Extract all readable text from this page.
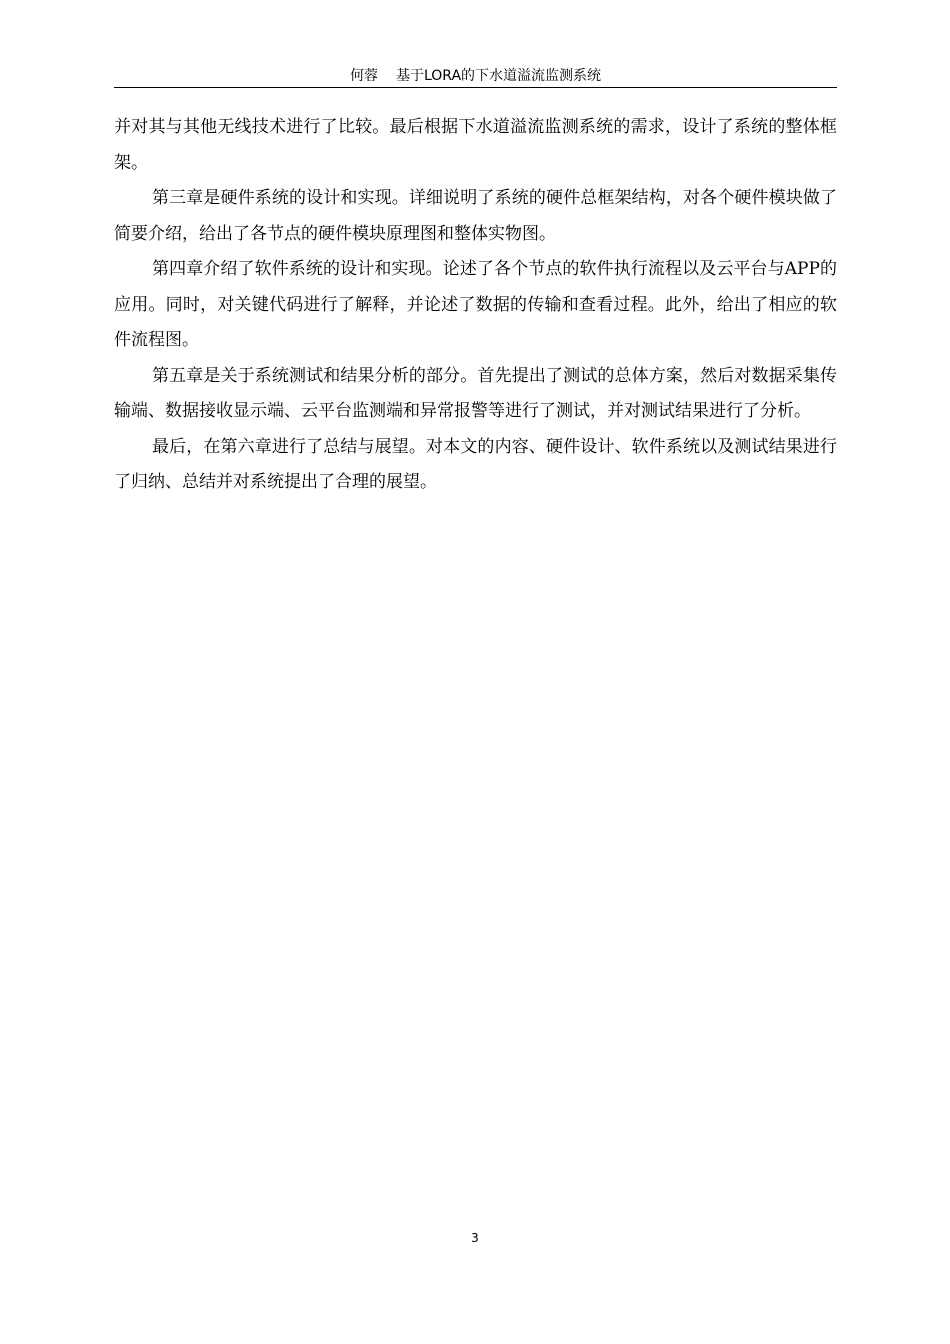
何蓉 基于LORA的下水道溢流监测系统

并对其与其他无线技术进行了比较。最后根据下水道溢流监测系统的需求，设计了系统的整体框架。

第三章是硬件系统的设计和实现。详细说明了系统的硬件总框架结构，对各个硬件模块做了简要介绍，给出了各节点的硬件模块原理图和整体实物图。

第四章介绍了软件系统的设计和实现。论述了各个节点的软件执行流程以及云平台与APP的应用。同时，对关键代码进行了解释，并论述了数据的传输和查看过程。此外，给出了相应的软件流程图。

第五章是关于系统测试和结果分析的部分。首先提出了测试的总体方案，然后对数据采集传输端、数据接收显示端、云平台监测端和异常报警等进行了测试，并对测试结果进行了分析。

最后，在第六章进行了总结与展望。对本文的内容、硬件设计、软件系统以及测试结果进行了归纳、总结并对系统提出了合理的展望。

3
